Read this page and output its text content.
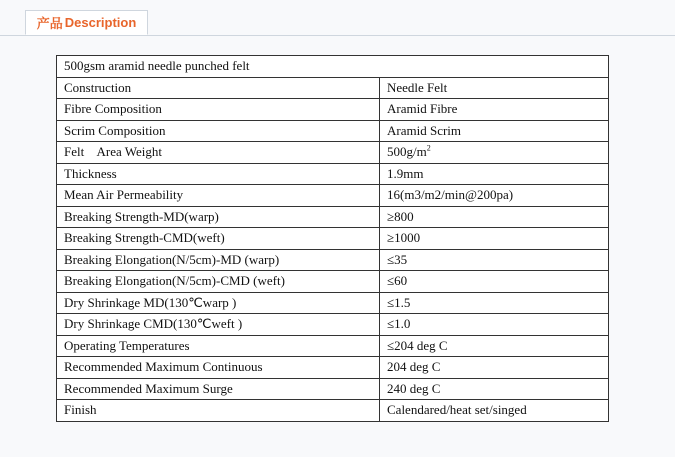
产品 Description
500gsm aramid needle punched felt	
Construction	Needle Felt
Fibre Composition	Aramid Fibre
Scrim Composition	Aramid Scrim
Felt    Area Weight	$500g/m^2$
Thickness	1.9mm
Mean Air Permeability	16(m3/m2/min@200pa)
Breaking Strength-MD(warp)	≥800
Breaking Strength-CMD(weft)	≥1000
Breaking Elongation(N/5cm)-MD (warp)	≤35
Breaking Elongation(N/5cm)-CMD (weft)	≤60
Dry Shrinkage MD(130℃warp )	≤1.5
Dry Shrinkage CMD(130℃weft )	≤1.0
Operating Temperatures	≤204 deg C
Recommended Maximum Continuous	204 deg C
Recommended Maximum Surge	240 deg C
Finish	Calendared/heat set/singed
